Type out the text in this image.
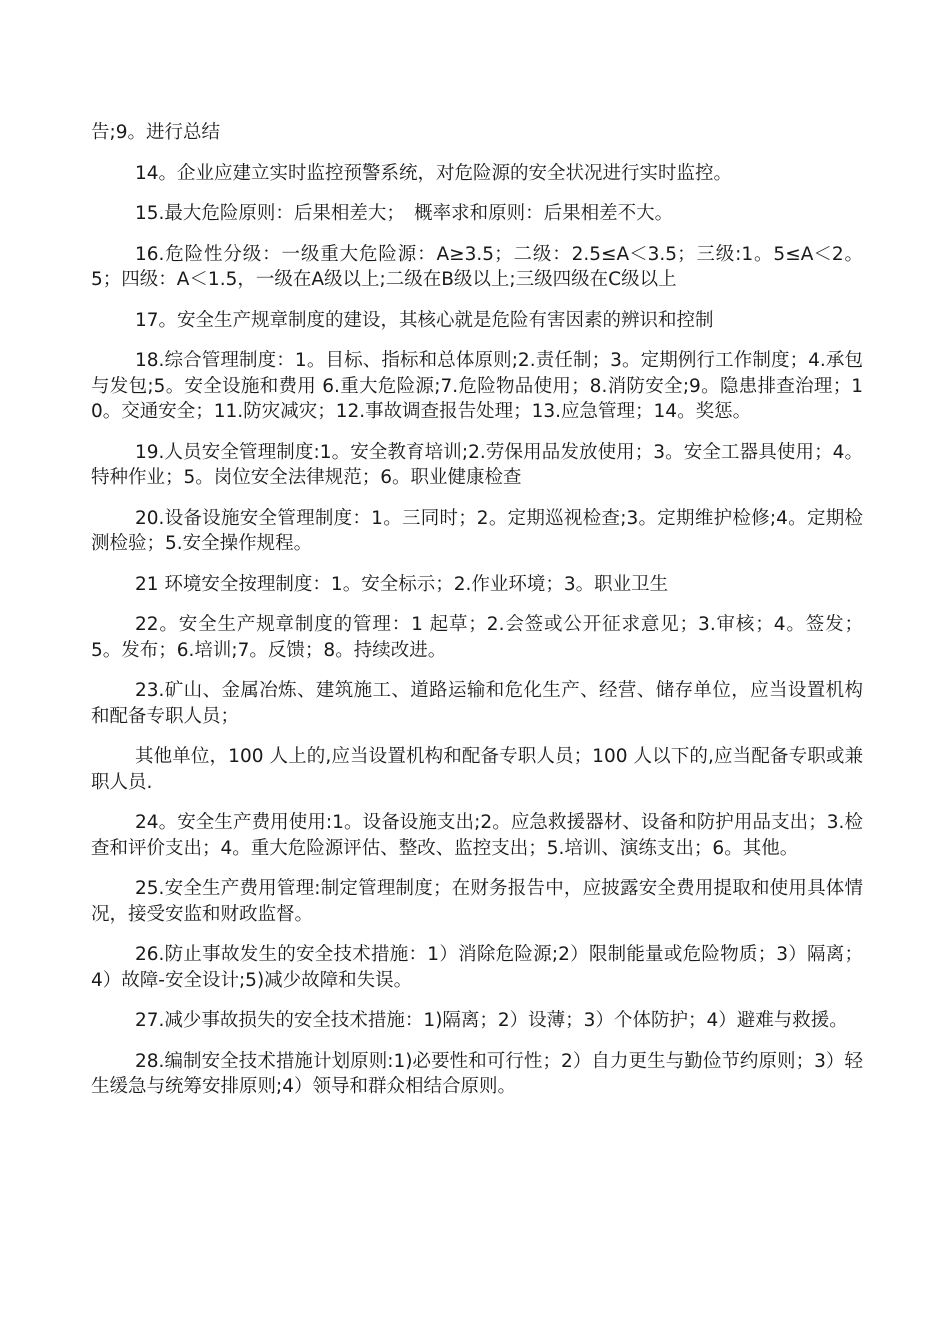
告;9。进行总结

14。企业应建立实时监控预警系统，对危险源的安全状况进行实时监控。

15.最大危险原则：后果相差大；　概率求和原则：后果相差不大。

16.危险性分级：一级重大危险源：A≥3.5；二级：2.5≤A＜3.5；三级:1。5≤A＜2。5；四级：A＜1.5，一级在A级以上;二级在B级以上;三级四级在C级以上

17。安全生产规章制度的建设，其核心就是危险有害因素的辨识和控制

18.综合管理制度：1。目标、指标和总体原则;2.责任制；3。定期例行工作制度；4.承包与发包;5。安全设施和费用 6.重大危险源;7.危险物品使用；8.消防安全;9。隐患排查治理；10。交通安全；11.防灾减灾；12.事故调查报告处理；13.应急管理；14。奖惩。

19.人员安全管理制度:1。安全教育培训;2.劳保用品发放使用；3。安全工器具使用；4。特种作业；5。岗位安全法律规范；6。职业健康检查

20.设备设施安全管理制度：1。三同时；2。定期巡视检查;3。定期维护检修;4。定期检测检验；5.安全操作规程。

21 环境安全按理制度：1。安全标示；2.作业环境；3。职业卫生

22。安全生产规章制度的管理：1 起草；2.会签或公开征求意见；3.审核；4。签发；5。发布；6.培训;7。反馈；8。持续改进。

23.矿山、金属冶炼、建筑施工、道路运输和危化生产、经营、储存单位，应当设置机构和配备专职人员；

其他单位，100 人上的,应当设置机构和配备专职人员；100 人以下的,应当配备专职或兼职人员.

24。安全生产费用使用:1。设备设施支出;2。应急救援器材、设备和防护用品支出；3.检查和评价支出；4。重大危险源评估、整改、监控支出；5.培训、演练支出；6。其他。

25.安全生产费用管理:制定管理制度；在财务报告中，应披露安全费用提取和使用具体情况，接受安监和财政监督。

26.防止事故发生的安全技术措施：1）消除危险源;2）限制能量或危险物质；3）隔离；4）故障-安全设计;5)减少故障和失误。

27.减少事故损失的安全技术措施：1)隔离；2）设薄；3）个体防护；4）避难与救援。

28.编制安全技术措施计划原则:1)必要性和可行性；2）自力更生与勤俭节约原则；3）轻生缓急与统筹安排原则;4）领导和群众相结合原则。
